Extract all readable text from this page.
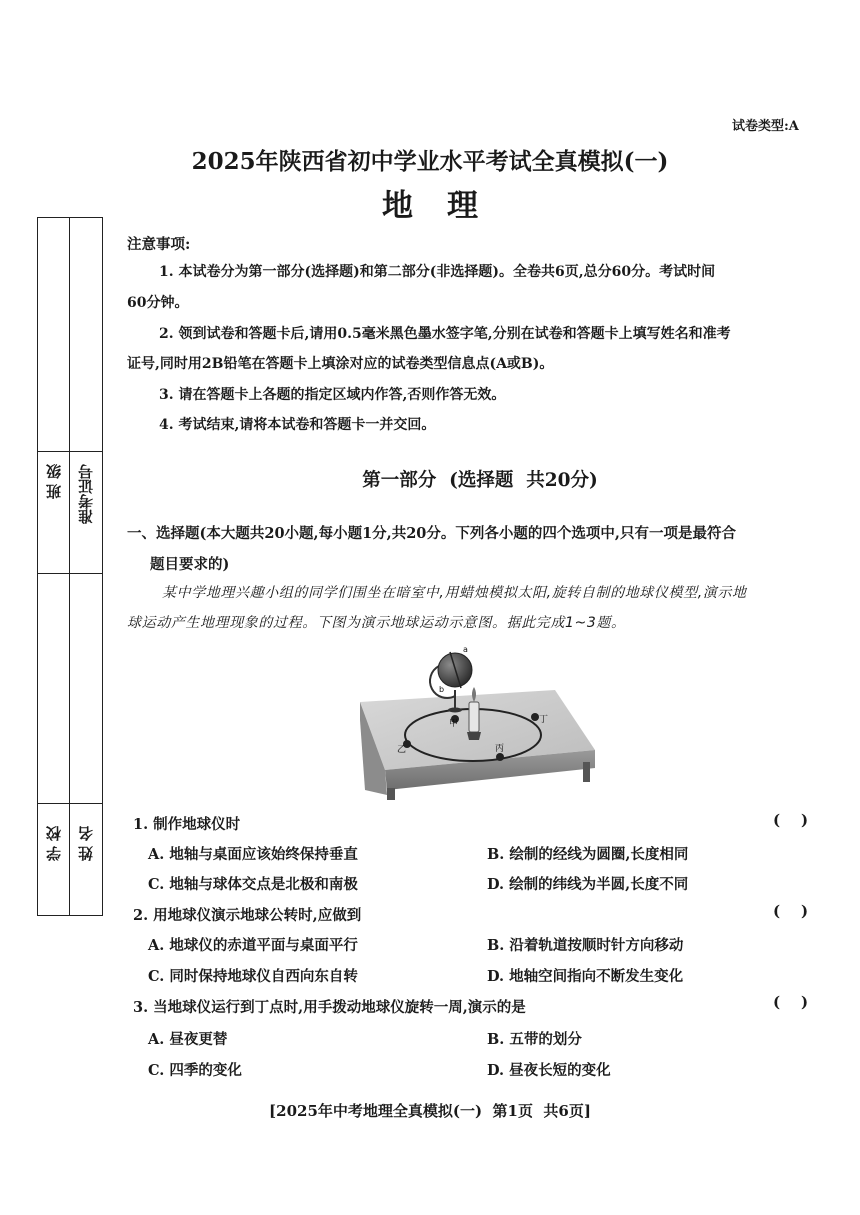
试卷类型:A
2025年陕西省初中学业水平考试全真模拟(一)
地理
班 级 准考证号
学 校 姓 名
注意事项:
1. 本试卷分为第一部分(选择题)和第二部分(非选择题)。全卷共6页,总分60分。考试时间
60分钟。
2. 领到试卷和答题卡后,请用0.5毫米黑色墨水签字笔,分别在试卷和答题卡上填写姓名和准考
证号,同时用2B铅笔在答题卡上填涂对应的试卷类型信息点(A或B)。
3. 请在答题卡上各题的指定区域内作答,否则作答无效。
4. 考试结束,请将本试卷和答题卡一并交回。
第一部分  (选择题  共20分)
一、选择题(本大题共20小题,每小题1分,共20分。下列各小题的四个选项中,只有一项是最符合
题目要求的)
某中学地理兴趣小组的同学们围坐在暗室中,用蜡烛模拟太阳,旋转自制的地球仪模型,演示地
球运动产生地理现象的过程。下图为演示地球运动示意图。据此完成1~3题。
甲
乙	丙
丁
a
b
1. 制作地球仪时	(    )
A. 地轴与桌面应该始终保持垂直	B. 绘制的经线为圆圈,长度相同
C. 地轴与球体交点是北极和南极	D. 绘制的纬线为半圆,长度不同
2. 用地球仪演示地球公转时,应做到	(    )
A. 地球仪的赤道平面与桌面平行	B. 沿着轨道按顺时针方向移动
C. 同时保持地球仪自西向东自转	D. 地轴空间指向不断发生变化
3. 当地球仪运行到丁点时,用手拨动地球仪旋转一周,演示的是	(    )
A. 昼夜更替	B. 五带的划分
C. 四季的变化	D. 昼夜长短的变化
[2025年中考地理全真模拟(一)  第1页  共6页]
